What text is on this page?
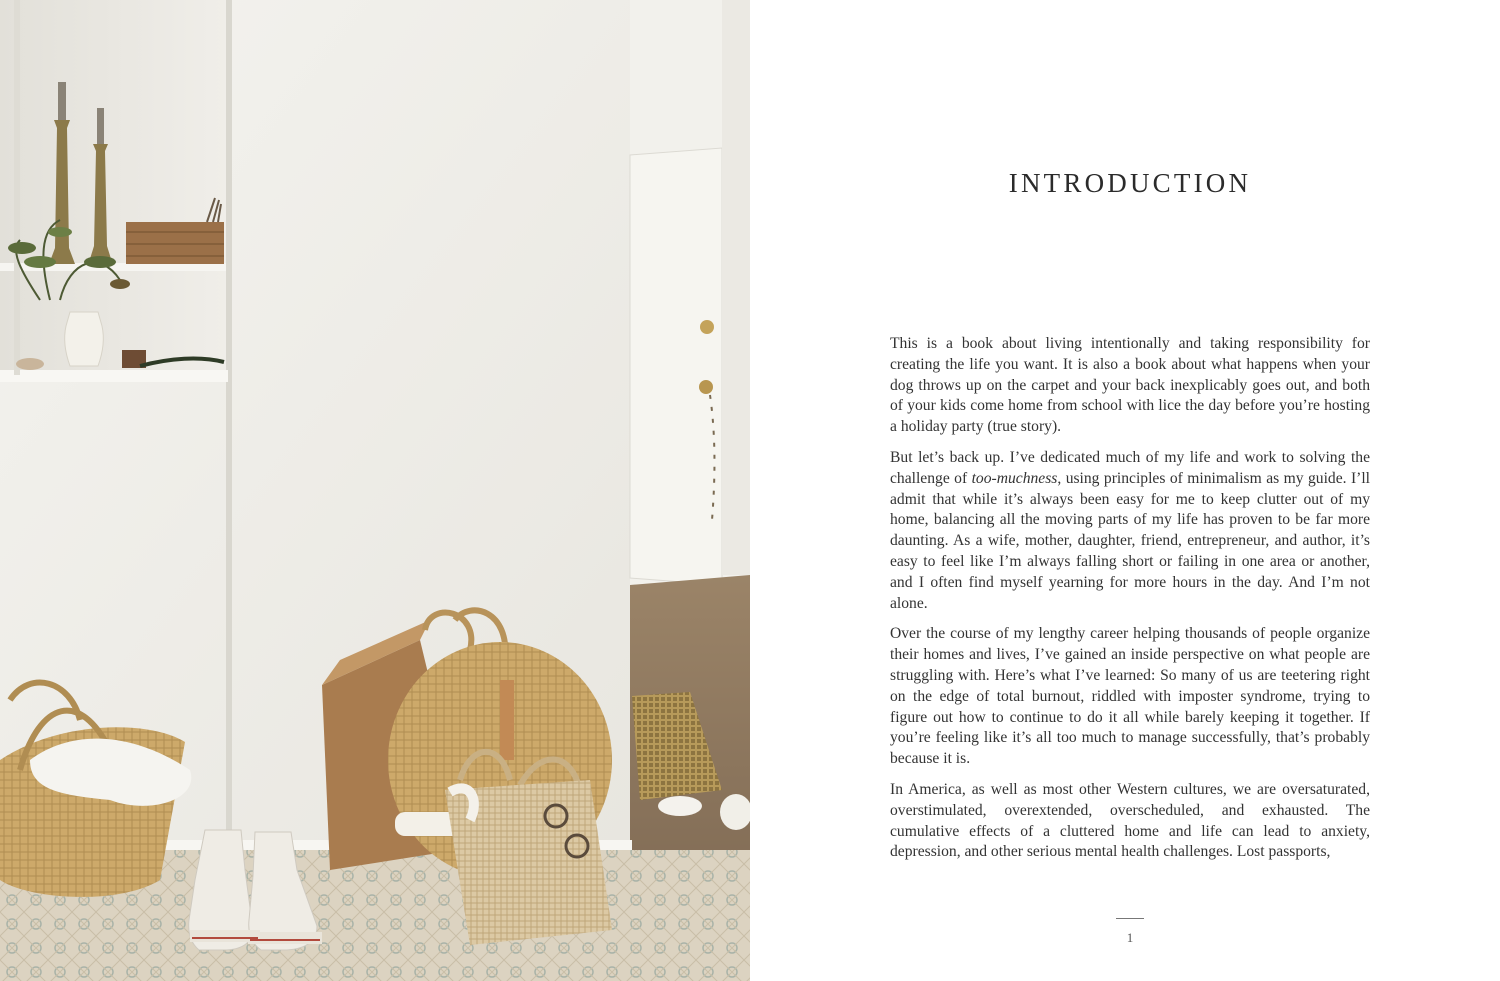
INTRODUCTION

This is a book about living intentionally and taking responsibility for creating the life you want. It is also a book about what happens when your dog throws up on the carpet and your back inexplicably goes out, and both of your kids come home from school with lice the day before you’re hosting a holiday party (true story).

But let’s back up. I’ve dedicated much of my life and work to solving the challenge of too-muchness, using principles of minimalism as my guide. I’ll admit that while it’s always been easy for me to keep clutter out of my home, balancing all the moving parts of my life has proven to be far more daunting. As a wife, mother, daughter, friend, entrepreneur, and author, it’s easy to feel like I’m always falling short or failing in one area or another, and I often find myself yearning for more hours in the day. And I’m not alone.

Over the course of my lengthy career helping thousands of people organize their homes and lives, I’ve gained an inside perspective on what people are struggling with. Here’s what I’ve learned: So many of us are teetering right on the edge of total burnout, riddled with imposter syndrome, trying to figure out how to continue to do it all while barely keeping it together. If you’re feeling like it’s all too much to manage successfully, that’s probably because it is.

In America, as well as most other Western cultures, we are oversaturated, overstimulated, overextended, overscheduled, and exhausted. The cumulative effects of a cluttered home and life can lead to anxiety, depression, and other serious mental health challenges. Lost passports,

1
